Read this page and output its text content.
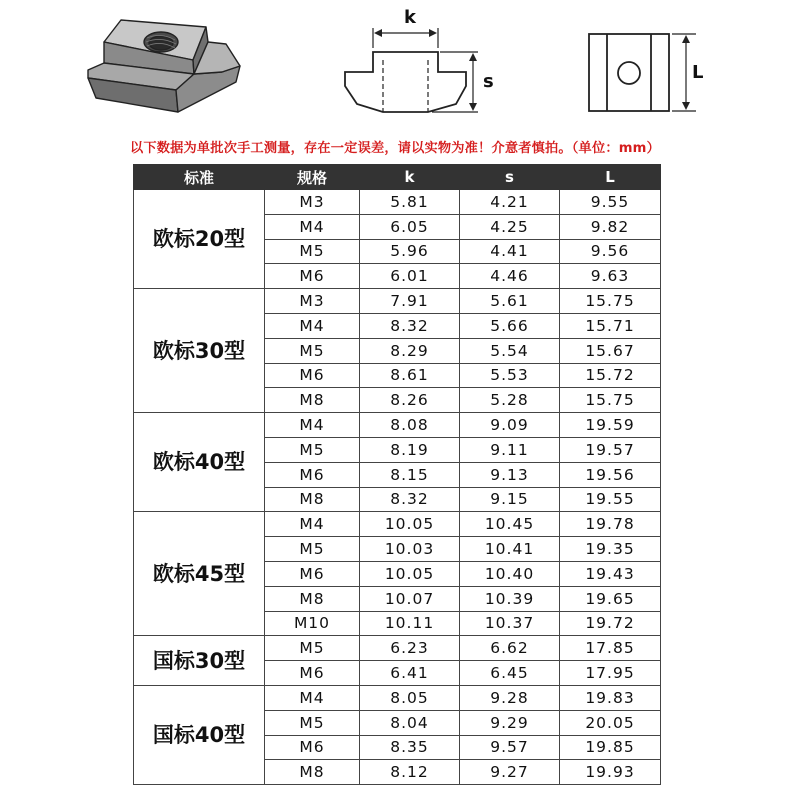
k
s	L
以下数据为单批次手工测量，存在一定误差，请以实物为准！介意者慎拍。（单位：mm）
标准	规格	k	s	L
欧标20型	M3	5.81	4.21	9.55
	M4	6.05	4.25	9.82
	M5	5.96	4.41	9.56
	M6	6.01	4.46	9.63
欧标30型	M3	7.91	5.61	15.75
	M4	8.32	5.66	15.71
	M5	8.29	5.54	15.67
	M6	8.61	5.53	15.72
	M8	8.26	5.28	15.75
欧标40型	M4	8.08	9.09	19.59
	M5	8.19	9.11	19.57
	M6	8.15	9.13	19.56
	M8	8.32	9.15	19.55
欧标45型	M4	10.05	10.45	19.78
	M5	10.03	10.41	19.35
	M6	10.05	10.40	19.43
	M8	10.07	10.39	19.65
	M10	10.11	10.37	19.72
国标30型	M5	6.23	6.62	17.85
	M6	6.41	6.45	17.95
国标40型	M4	8.05	9.28	19.83
	M5	8.04	9.29	20.05
	M6	8.35	9.57	19.85
	M8	8.12	9.27	19.93
